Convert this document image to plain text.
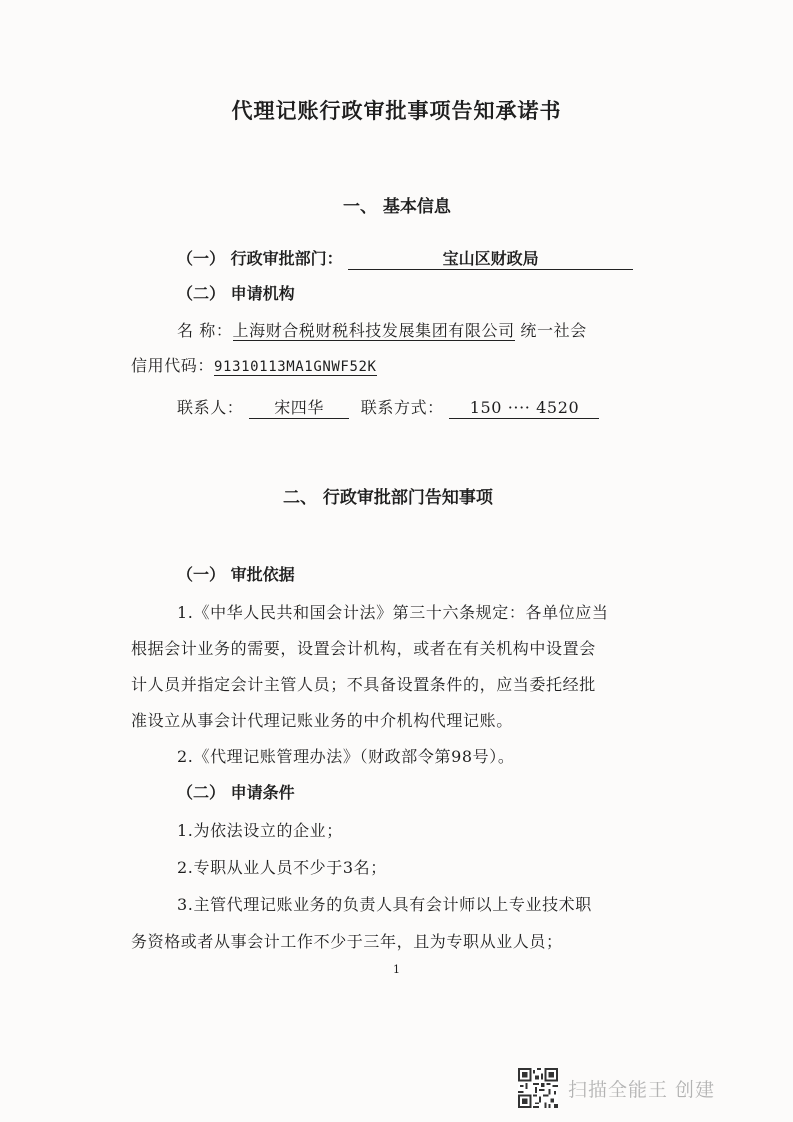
代理记账行政审批事项告知承诺书
一、 基本信息
（一） 行政审批部门：	宝山区财政局
（二） 申请机构
名 称：上海财合税财税科技发展集团有限公司 统一社会
信用代码：91310113MA1GNWF52K
联系人： 宋四华 联系方式： 150 ···· 4520
二、 行政审批部门告知事项
（一） 审批依据
1.《中华人民共和国会计法》第三十六条规定：各单位应当
根据会计业务的需要，设置会计机构，或者在有关机构中设置会
计人员并指定会计主管人员；不具备设置条件的，应当委托经批
准设立从事会计代理记账业务的中介机构代理记账。
2.《代理记账管理办法》（财政部令第98号）。
（二） 申请条件
1.为依法设立的企业；
2.专职从业人员不少于3名；
3.主管代理记账业务的负责人具有会计师以上专业技术职
务资格或者从事会计工作不少于三年，且为专职从业人员；
1
扫描全能王 创建
